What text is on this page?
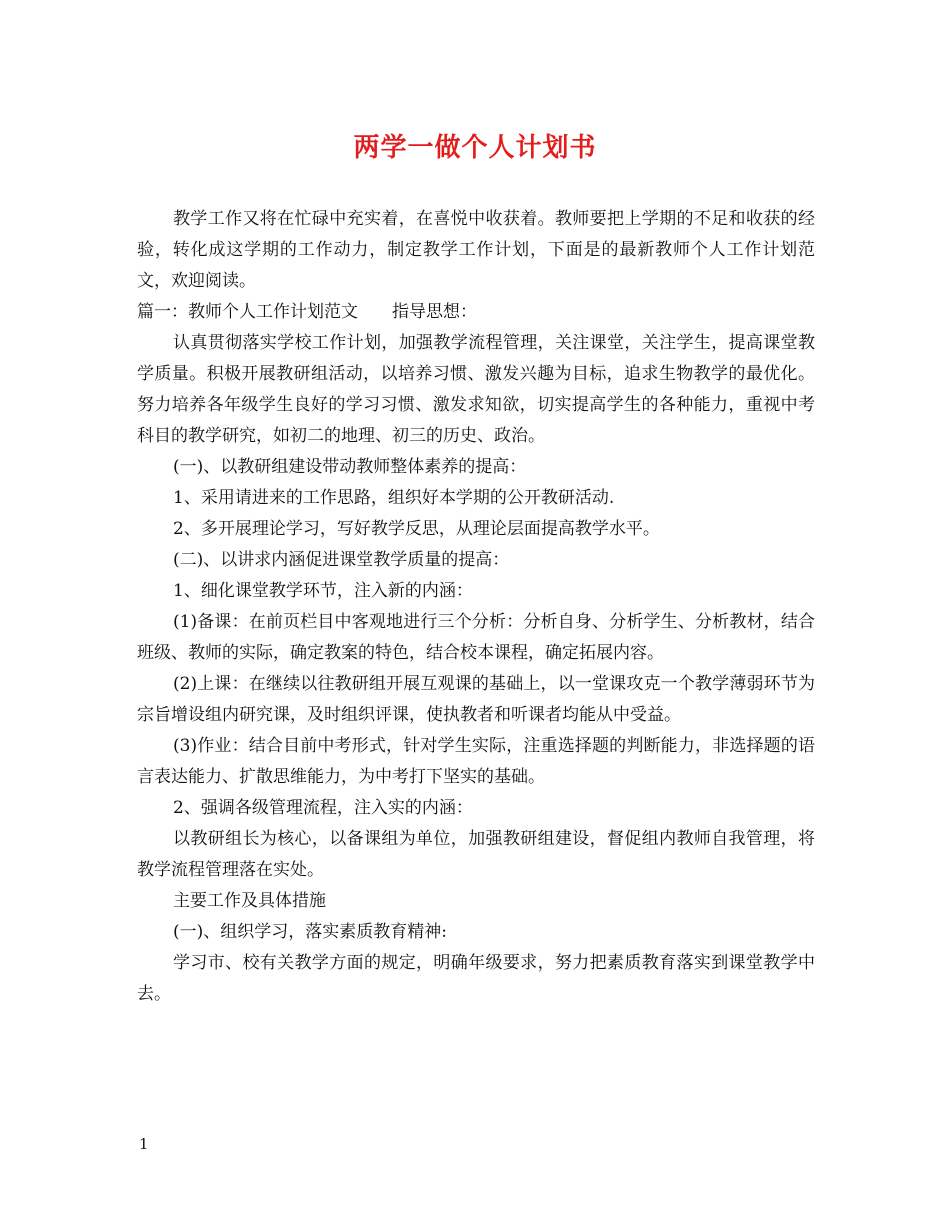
两学一做个人计划书

教学工作又将在忙碌中充实着，在喜悦中收获着。教师要把上学期的不足和收获的经验，转化成这学期的工作动力，制定教学工作计划，下面是的最新教师个人工作计划范文，欢迎阅读。

篇一：教师个人工作计划范文　　指导思想：

认真贯彻落实学校工作计划，加强教学流程管理，关注课堂，关注学生，提高课堂教学质量。积极开展教研组活动，以培养习惯、激发兴趣为目标，追求生物教学的最优化。努力培养各年级学生良好的学习习惯、激发求知欲，切实提高学生的各种能力，重视中考科目的教学研究，如初二的地理、初三的历史、政治。

(一)、以教研组建设带动教师整体素养的提高：

1、采用请进来的工作思路，组织好本学期的公开教研活动.

2、多开展理论学习，写好教学反思，从理论层面提高教学水平。

(二)、以讲求内涵促进课堂教学质量的提高：

1、细化课堂教学环节，注入新的内涵：

(1)备课：在前页栏目中客观地进行三个分析：分析自身、分析学生、分析教材，结合班级、教师的实际，确定教案的特色，结合校本课程，确定拓展内容。

(2)上课：在继续以往教研组开展互观课的基础上，以一堂课攻克一个教学薄弱环节为宗旨增设组内研究课，及时组织评课，使执教者和听课者均能从中受益。

(3)作业：结合目前中考形式，针对学生实际，注重选择题的判断能力，非选择题的语言表达能力、扩散思维能力，为中考打下坚实的基础。

2、强调各级管理流程，注入实的内涵：

以教研组长为核心，以备课组为单位，加强教研组建设，督促组内教师自我管理，将教学流程管理落在实处。

主要工作及具体措施

(一)、组织学习，落实素质教育精神:

学习市、校有关教学方面的规定，明确年级要求，努力把素质教育落实到课堂教学中去。

1
